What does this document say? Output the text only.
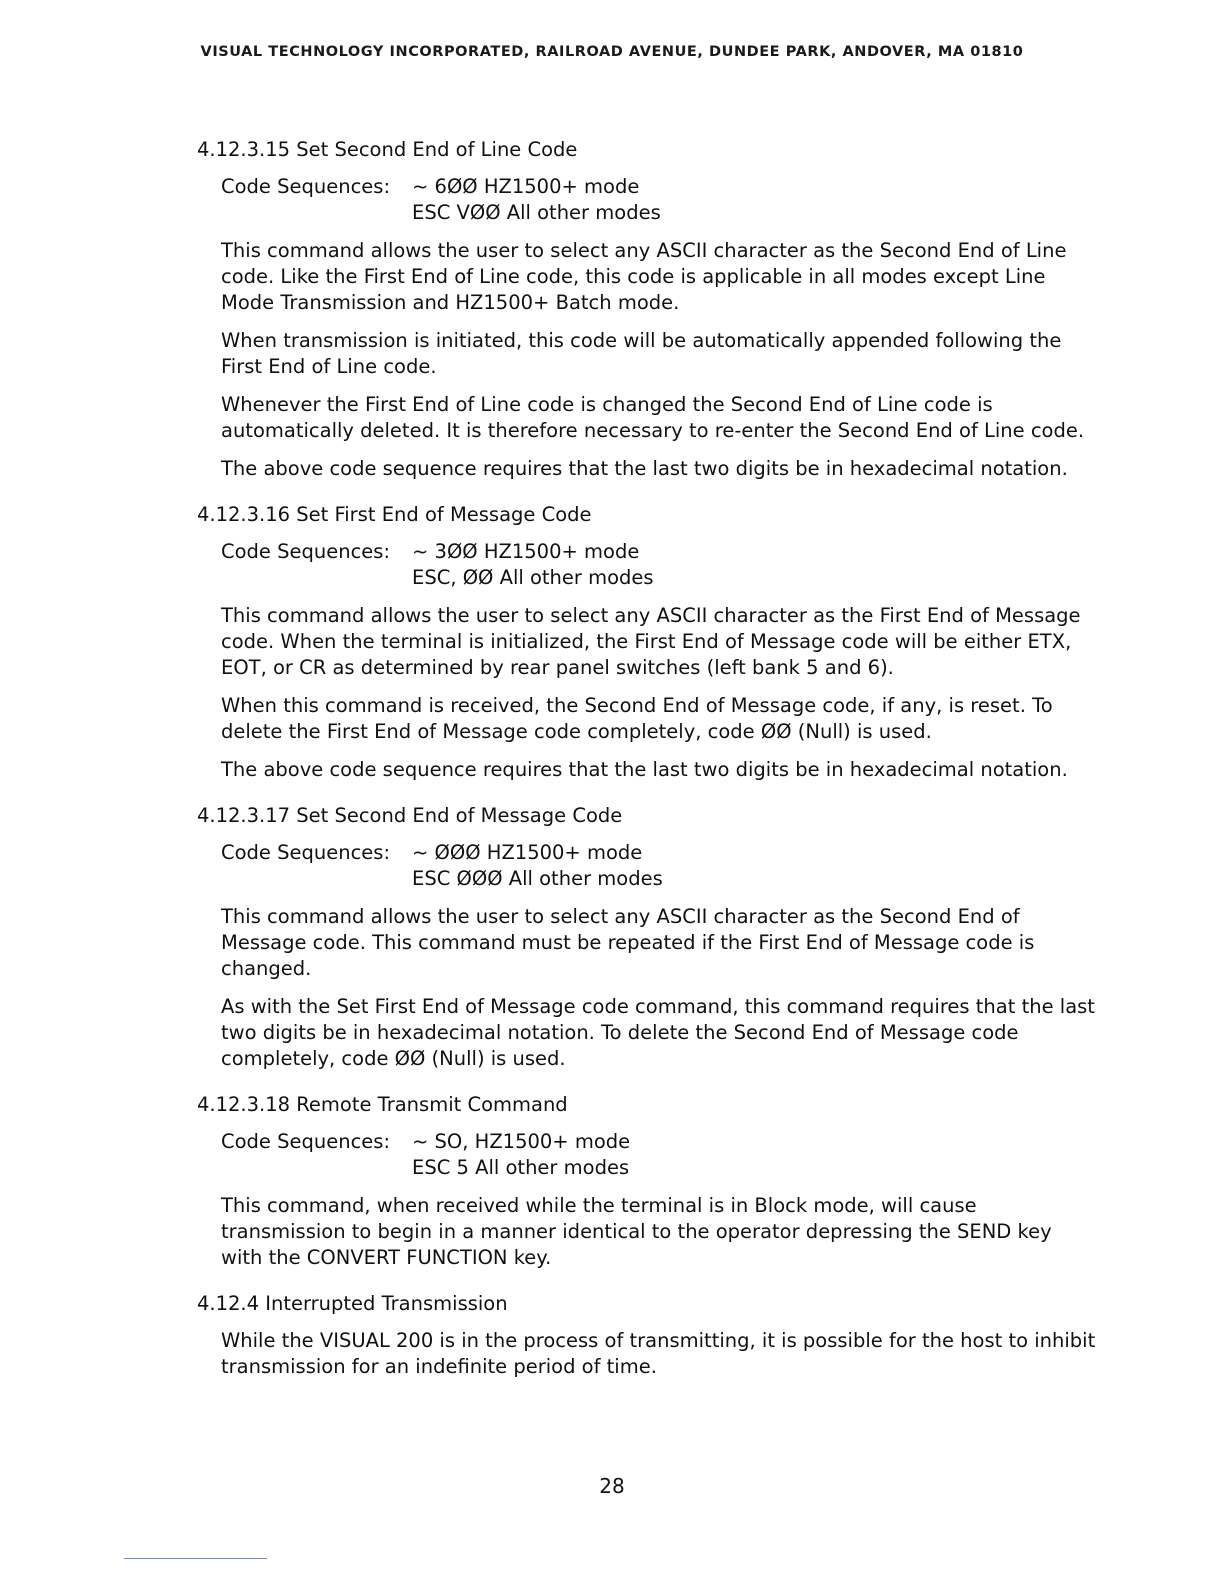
VISUAL TECHNOLOGY INCORPORATED, RAILROAD AVENUE, DUNDEE PARK, ANDOVER, MA 01810
4.12.3.15 Set Second End of Line Code
Code Sequences:	~ 6ØØ HZ1500+ mode
ESC VØØ All other modes

This command allows the user to select any ASCII character as the Second End of Line code. Like the First End of Line code, this code is applicable in all modes except Line Mode Transmission and HZ1500+ Batch mode.

When transmission is initiated, this code will be automatically appended following the First End of Line code.

Whenever the First End of Line code is changed the Second End of Line code is automatically deleted. It is therefore necessary to re-enter the Second End of Line code.

The above code sequence requires that the last two digits be in hexadecimal notation.

4.12.3.16 Set First End of Message Code
Code Sequences:	~ 3ØØ HZ1500+ mode
ESC, ØØ All other modes

This command allows the user to select any ASCII character as the First End of Message code. When the terminal is initialized, the First End of Message code will be either ETX, EOT, or CR as determined by rear panel switches (left bank 5 and 6).

When this command is received, the Second End of Message code, if any, is reset. To delete the First End of Message code completely, code ØØ (Null) is used.

The above code sequence requires that the last two digits be in hexadecimal notation.

4.12.3.17 Set Second End of Message Code
Code Sequences:	~ ØØØ HZ1500+ mode
ESC ØØØ All other modes

This command allows the user to select any ASCII character as the Second End of Message code. This command must be repeated if the First End of Message code is changed.

As with the Set First End of Message code command, this command requires that the last two digits be in hexadecimal notation. To delete the Second End of Message code completely, code ØØ (Null) is used.

4.12.3.18 Remote Transmit Command
Code Sequences:	~ SO, HZ1500+ mode
ESC 5 All other modes

This command, when received while the terminal is in Block mode, will cause transmission to begin in a manner identical to the operator depressing the SEND key with the CONVERT FUNCTION key.

4.12.4 Interrupted Transmission

While the VISUAL 200 is in the process of transmitting, it is possible for the host to inhibit transmission for an indefinite period of time.

28
